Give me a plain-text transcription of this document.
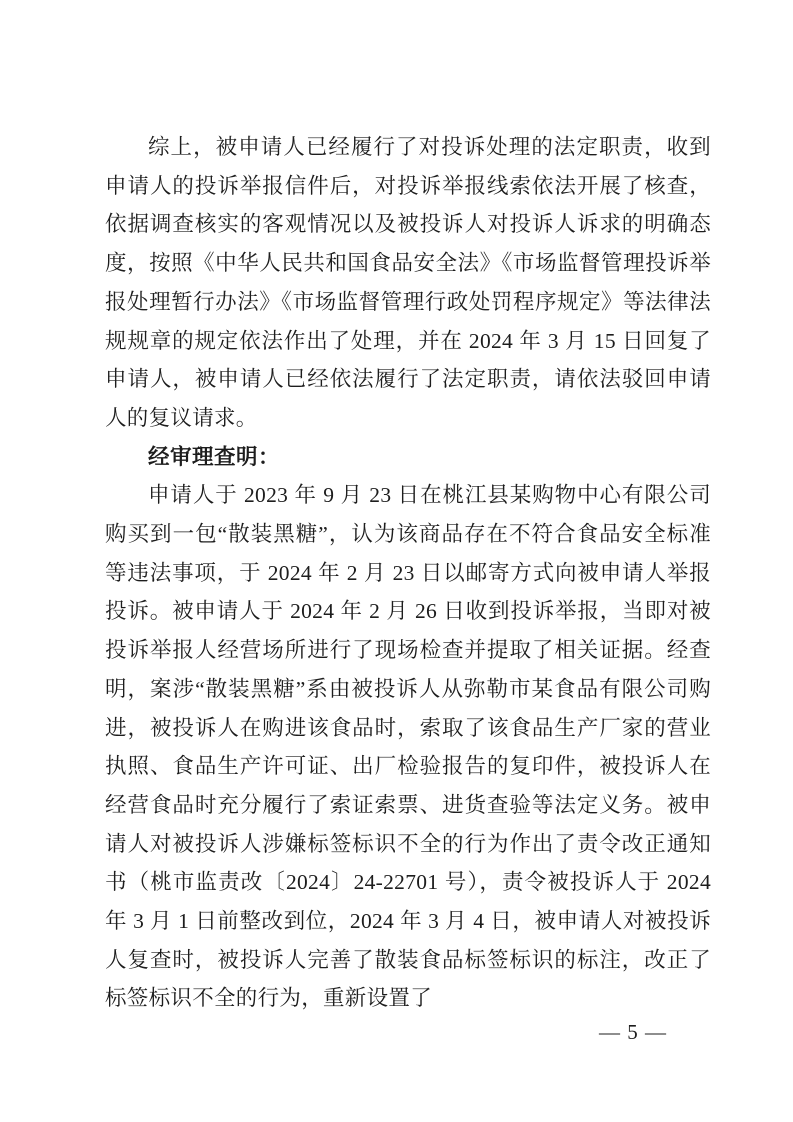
综上，被申请人已经履行了对投诉处理的法定职责，收到申请人的投诉举报信件后，对投诉举报线索依法开展了核查，依据调查核实的客观情况以及被投诉人对投诉人诉求的明确态度，按照《中华人民共和国食品安全法》《市场监督管理投诉举报处理暂行办法》《市场监督管理行政处罚程序规定》等法律法规规章的规定依法作出了处理，并在 2024 年 3 月 15 日回复了申请人，被申请人已经依法履行了法定职责，请依法驳回申请人的复议请求。

经审理查明：

申请人于 2023 年 9 月 23 日在桃江县某购物中心有限公司购买到一包“散装黑糖”，认为该商品存在不符合食品安全标准等违法事项，于 2024 年 2 月 23 日以邮寄方式向被申请人举报投诉。被申请人于 2024 年 2 月 26 日收到投诉举报，当即对被投诉举报人经营场所进行了现场检查并提取了相关证据。经查明，案涉“散装黑糖”系由被投诉人从弥勒市某食品有限公司购进，被投诉人在购进该食品时，索取了该食品生产厂家的营业执照、食品生产许可证、出厂检验报告的复印件，被投诉人在经营食品时充分履行了索证索票、进货查验等法定义务。被申请人对被投诉人涉嫌标签标识不全的行为作出了责令改正通知书（桃市监责改〔2024〕24-22701 号），责令被投诉人于 2024 年 3 月 1 日前整改到位，2024 年 3 月 4 日，被申请人对被投诉人复查时，被投诉人完善了散装食品标签标识的标注，改正了标签标识不全的行为，重新设置了

— 5 —
